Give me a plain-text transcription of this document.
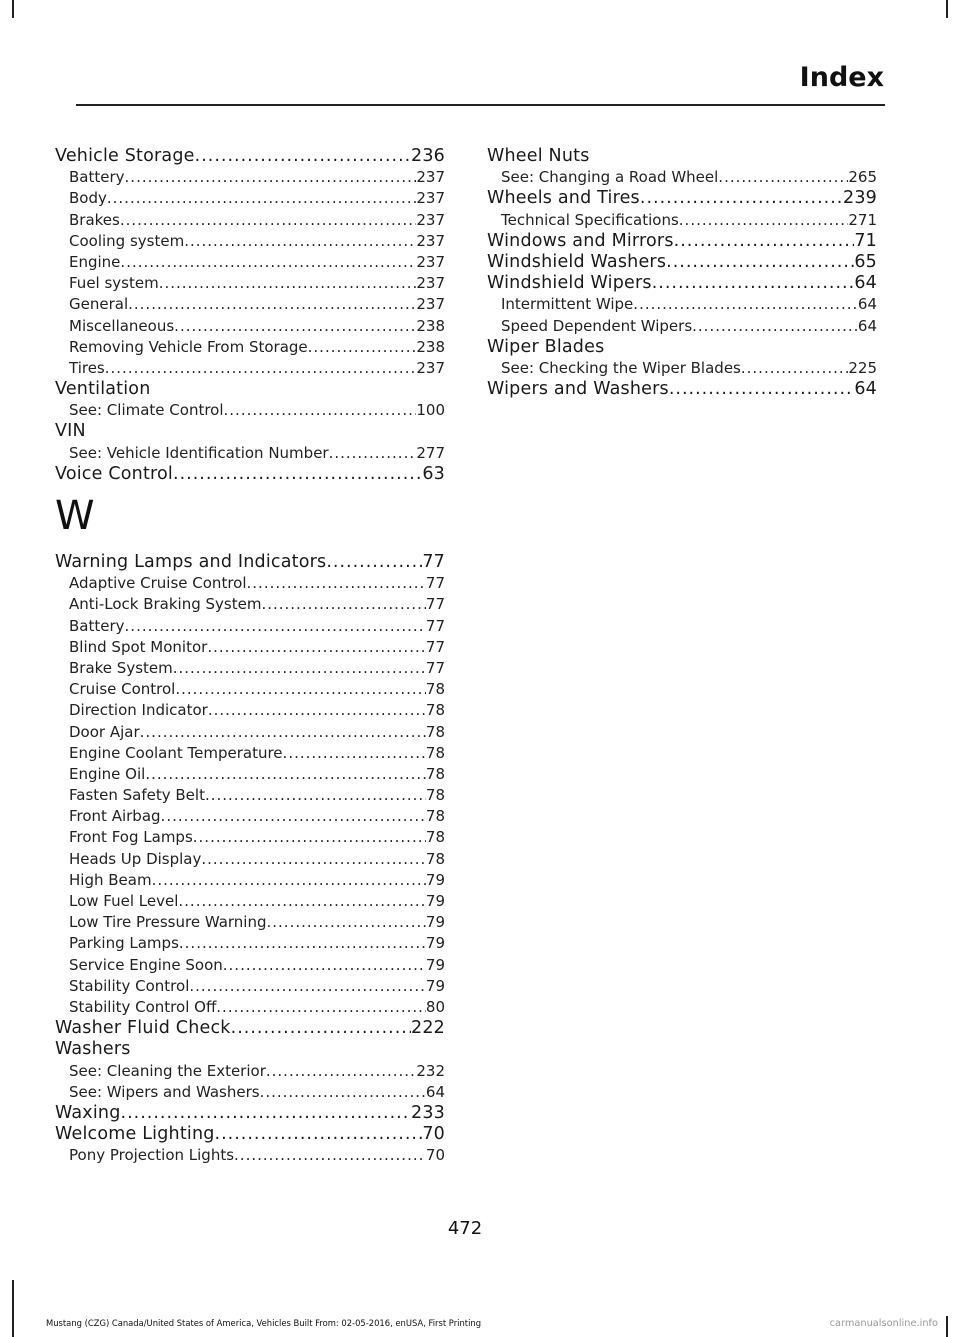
Index
Vehicle Storage .....	236
Battery .....	237
Body .....	237
Brakes .....	237
Cooling system .....	237
Engine .....	237
Fuel system .....	237
General .....	237
Miscellaneous .....	238
Removing Vehicle From Storage .....	238
Tires .....	237
Ventilation
See: Climate Control .....	100
VIN
See: Vehicle Identification Number .....	277
Voice Control .....	63
W
Warning Lamps and Indicators .....	77
Adaptive Cruise Control .....	77
Anti-Lock Braking System .....	77
Battery .....	77
Blind Spot Monitor .....	77
Brake System .....	77
Cruise Control .....	78
Direction Indicator .....	78
Door Ajar .....	78
Engine Coolant Temperature .....	78
Engine Oil .....	78
Fasten Safety Belt .....	78
Front Airbag .....	78
Front Fog Lamps .....	78
Heads Up Display .....	78
High Beam .....	79
Low Fuel Level .....	79
Low Tire Pressure Warning .....	79
Parking Lamps .....	79
Service Engine Soon .....	79
Stability Control .....	79
Stability Control Off .....	80
Washer Fluid Check .....	222
Washers
See: Cleaning the Exterior .....	232
See: Wipers and Washers .....	64
Waxing .....	233
Welcome Lighting .....	70
Pony Projection Lights .....	70
Wheel Nuts
See: Changing a Road Wheel .....	265
Wheels and Tires .....	239
Technical Specifications .....	271
Windows and Mirrors .....	71
Windshield Washers .....	65
Windshield Wipers .....	64
Intermittent Wipe .....	64
Speed Dependent Wipers .....	64
Wiper Blades
See: Checking the Wiper Blades .....	225
Wipers and Washers .....	64
472
Mustang (CZG) Canada/United States of America, Vehicles Built From: 02-05-2016, enUSA, First Printing	carmanualsonline.info
